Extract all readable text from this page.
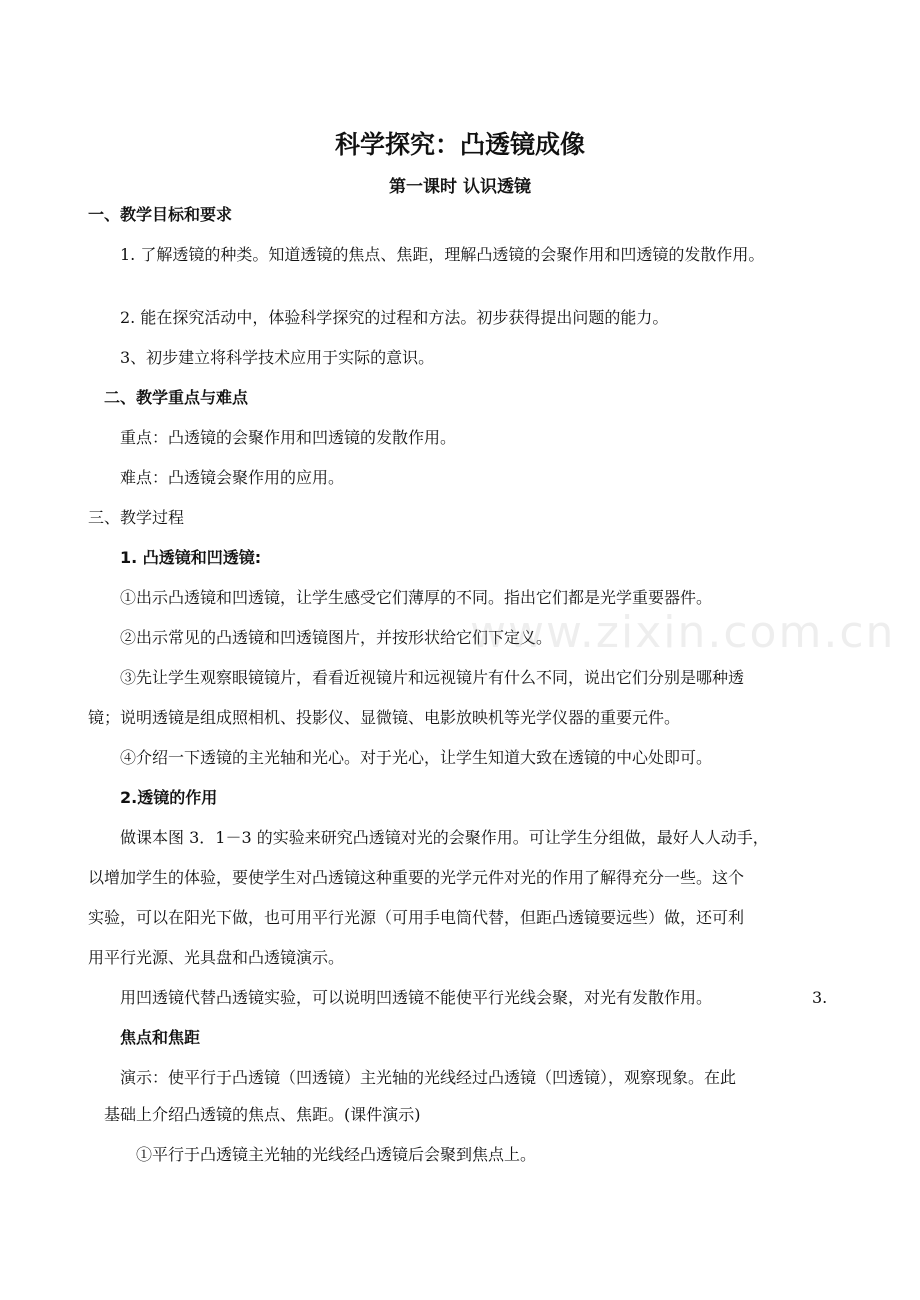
科学探究：凸透镜成像
第一课时 认识透镜
一、教学目标和要求
1. 了解透镜的种类。知道透镜的焦点、焦距，理解凸透镜的会聚作用和凹透镜的发散作用。
2. 能在探究活动中，体验科学探究的过程和方法。初步获得提出问题的能力。
3、初步建立将科学技术应用于实际的意识。
二、教学重点与难点
重点：凸透镜的会聚作用和凹透镜的发散作用。
难点：凸透镜会聚作用的应用。
三、教学过程
1. 凸透镜和凹透镜:
①出示凸透镜和凹透镜，让学生感受它们薄厚的不同。指出它们都是光学重要器件。
②出示常见的凸透镜和凹透镜图片，并按形状给它们下定义。
③先让学生观察眼镜镜片，看看近视镜片和远视镜片有什么不同，说出它们分别是哪种透
镜；说明透镜是组成照相机、投影仪、显微镜、电影放映机等光学仪器的重要元件。
④介绍一下透镜的主光轴和光心。对于光心，让学生知道大致在透镜的中心处即可。
2.透镜的作用
做课本图 3．1－3 的实验来研究凸透镜对光的会聚作用。可让学生分组做，最好人人动手，
以增加学生的体验，要使学生对凸透镜这种重要的光学元件对光的作用了解得充分一些。这个
实验，可以在阳光下做，也可用平行光源（可用手电筒代替，但距凸透镜要远些）做，还可利
用平行光源、光具盘和凸透镜演示。
用凹透镜代替凸透镜实验，可以说明凹透镜不能使平行光线会聚，对光有发散作用。	3.
焦点和焦距
演示：使平行于凸透镜（凹透镜）主光轴的光线经过凸透镜（凹透镜），观察现象。在此
基础上介绍凸透镜的焦点、焦距。(课件演示)
①平行于凸透镜主光轴的光线经凸透镜后会聚到焦点上。
www.zixin.com.cn
